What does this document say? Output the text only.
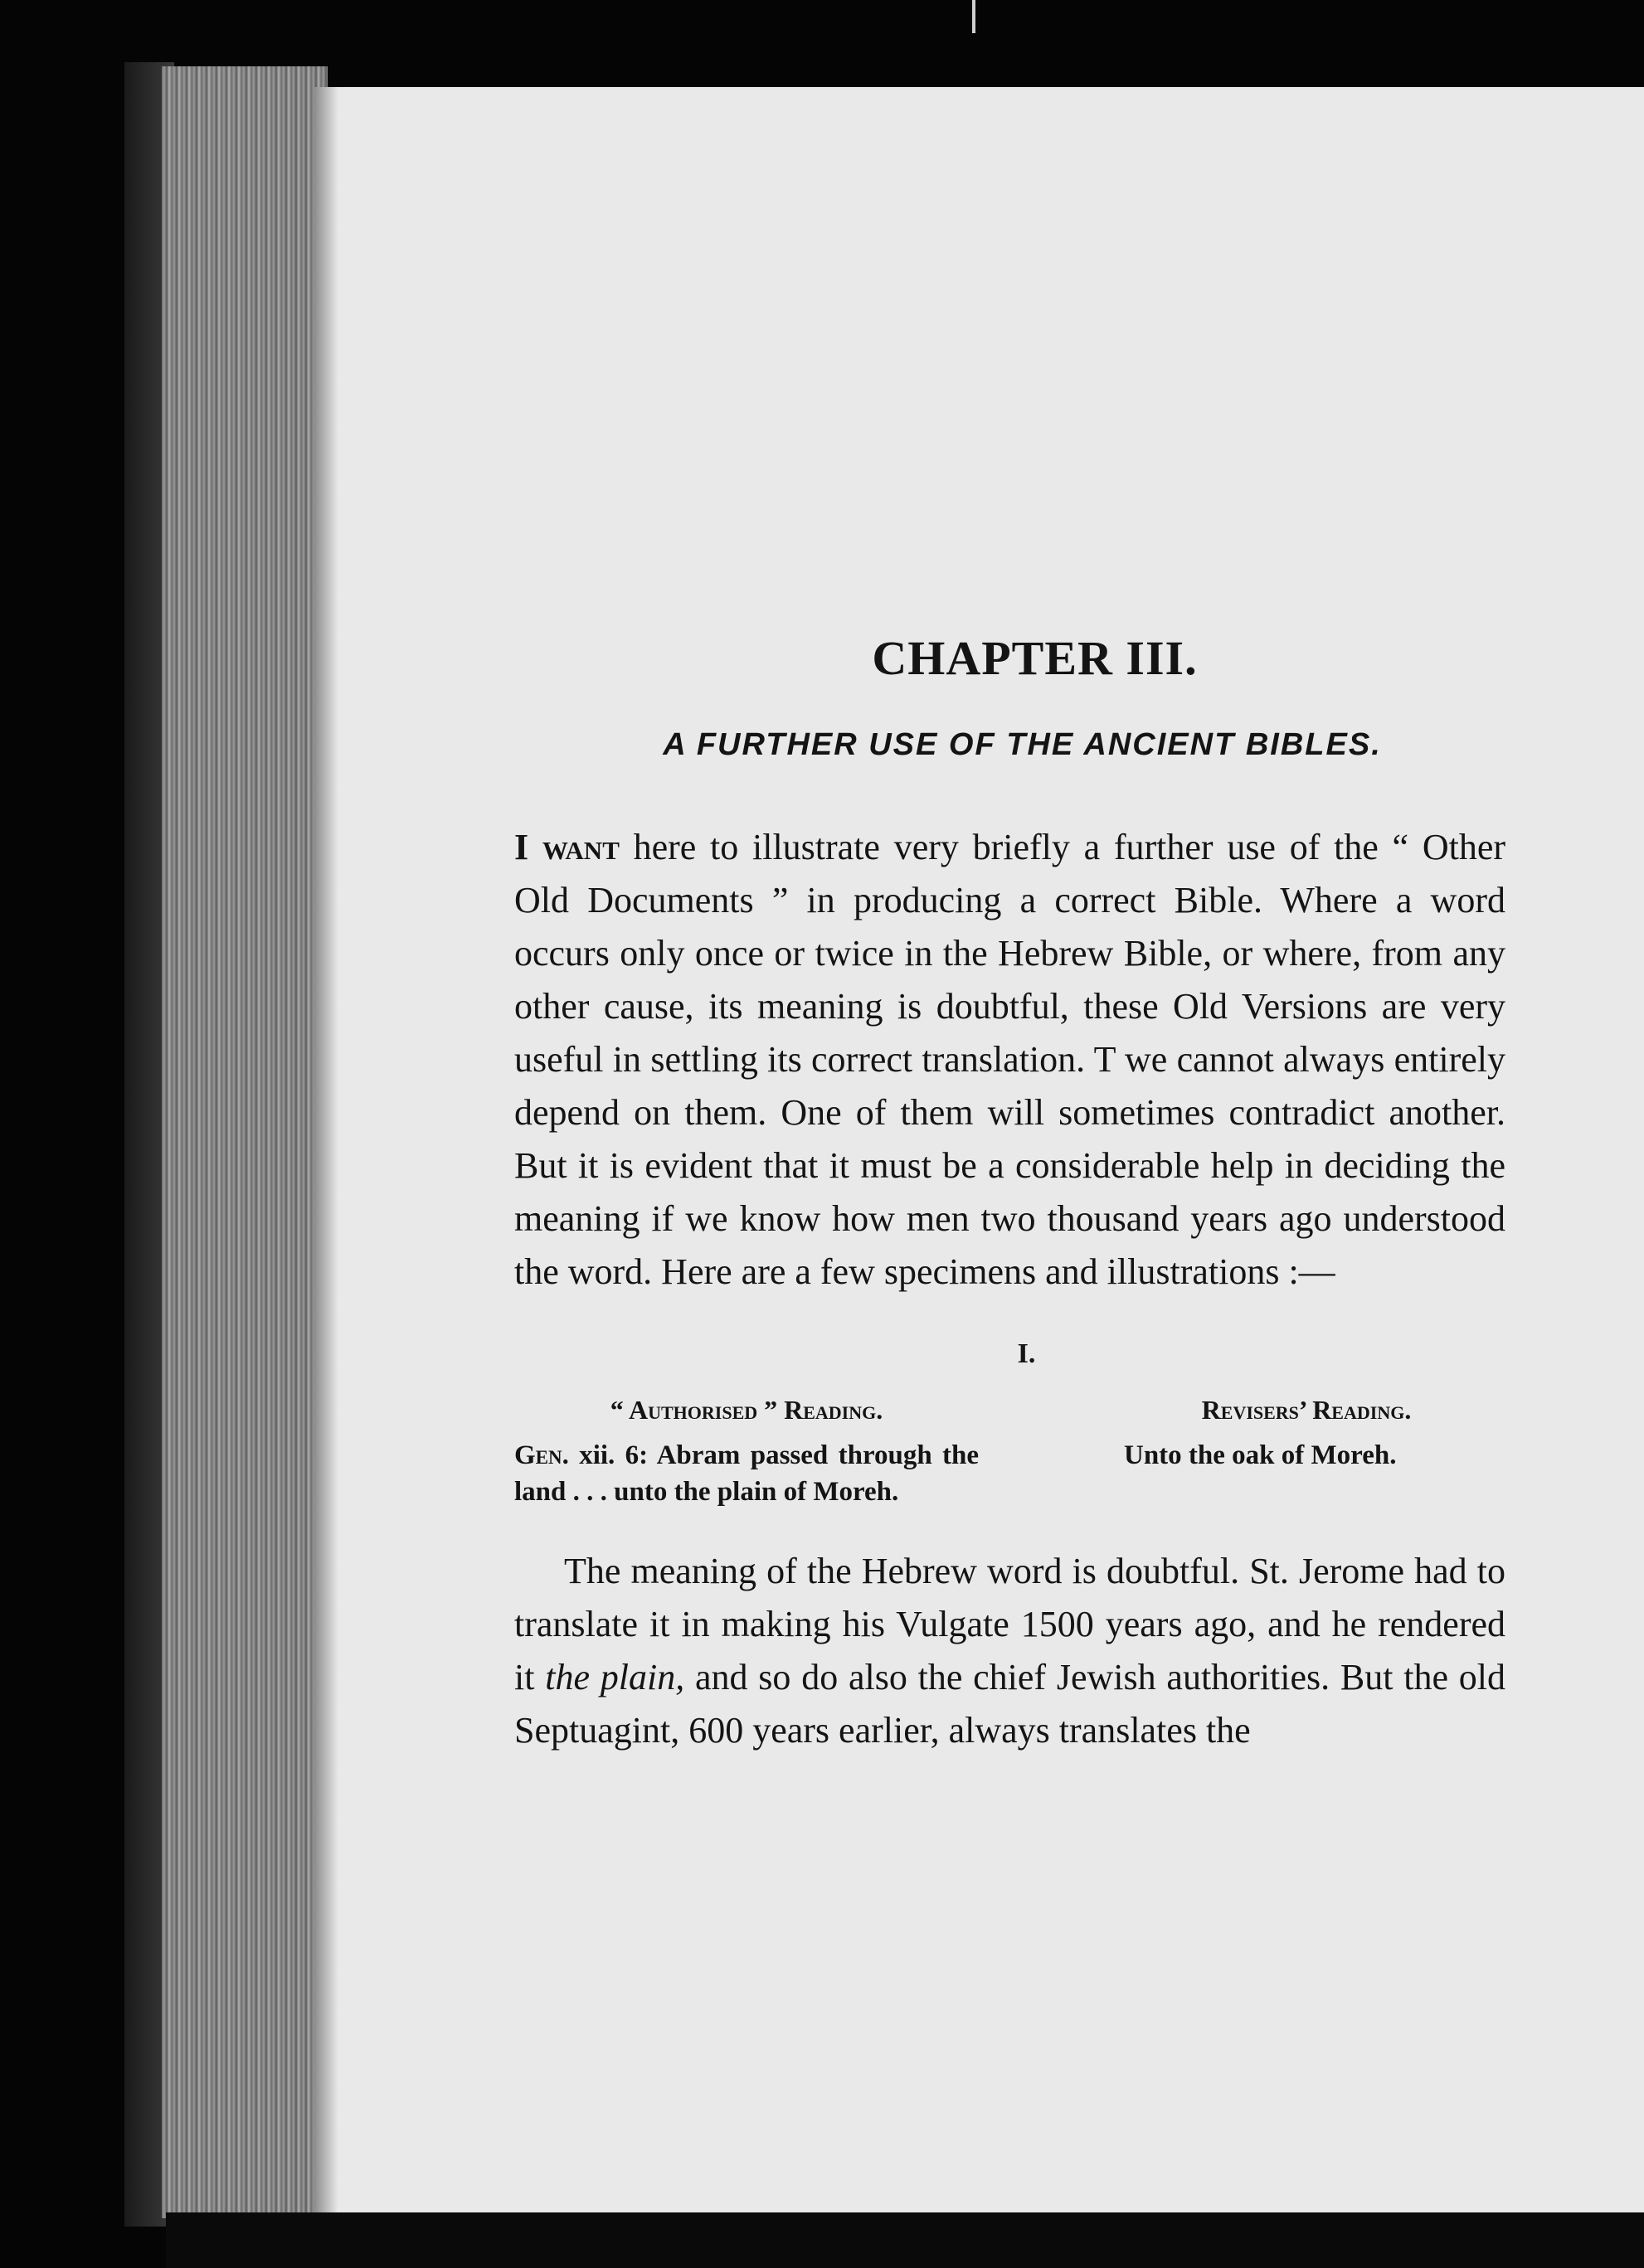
CHAPTER III.
A FURTHER USE OF THE ANCIENT BIBLES.

I want here to illustrate very briefly a further use of the “ Other Old Documents ” in producing a correct Bible. Where a word occurs only once or twice in the Hebrew Bible, or where, from any other cause, its meaning is doubtful, these Old Versions are very useful in settling its correct translation. T we cannot always entirely depend on them. One of them will sometimes contradict another. But it is evident that it must be a considerable help in deciding the meaning if we know how men two thousand years ago understood the word. Here are a few specimens and illustrations :—

I.
“ Authorised ” Reading.
Gen. xii. 6: Abram passed through the land . . . unto the plain of Moreh.
Revisers’ Reading.
Unto the oak of Moreh.

The meaning of the Hebrew word is doubtful. St. Jerome had to translate it in making his Vulgate 1500 years ago, and he rendered it the plain, and so do also the chief Jewish authorities. But the old Septuagint, 600 years earlier, always translates the
